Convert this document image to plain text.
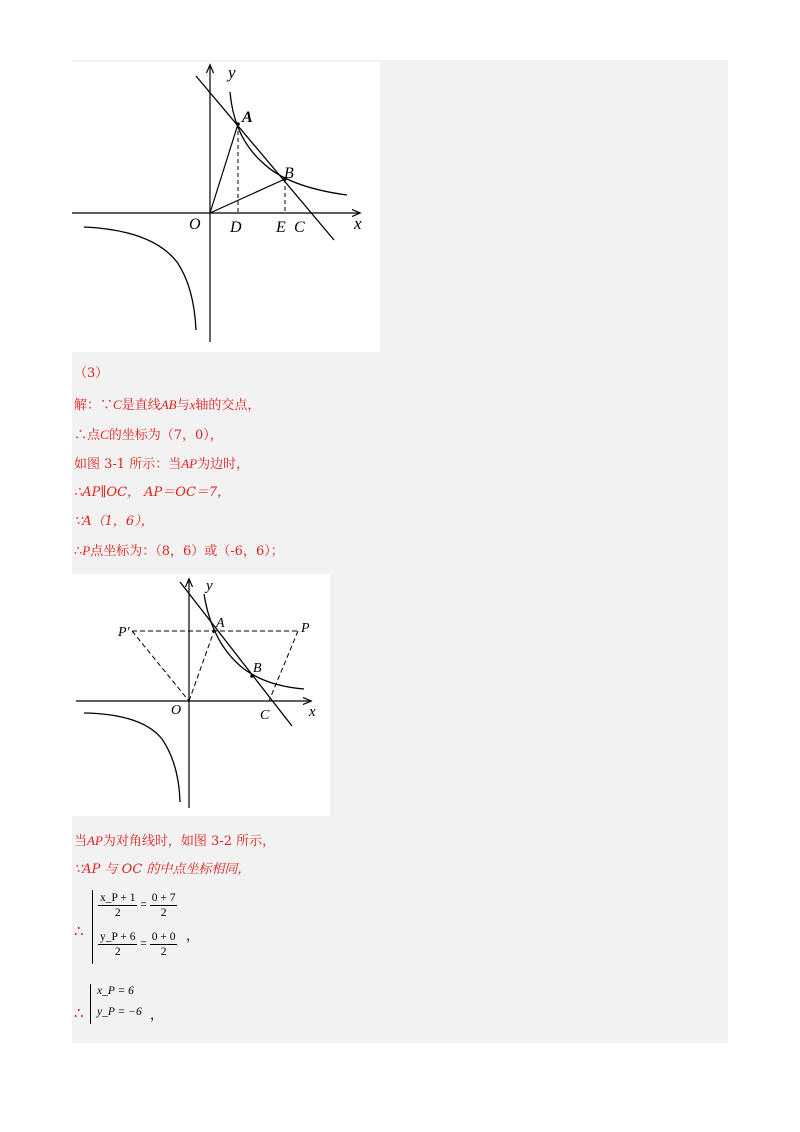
y
x
O
A
B
D E C
（3）
解：∵C是直线AB与x轴的交点，
∴点C的坐标为（7，0），
如图 3-1 所示：当AP为边时，
∴AP∥OC， AP＝OC＝7，
∵A（1，6），
∴P点坐标为：（8，6）或（-6，6）；
y
x
O
A
B
C
P
P′
当AP为对角线时，如图 3-2 所示，
∵AP 与 OC 的中点坐标相同，
∴
$\frac{x\_P + 1}{2} = \frac{0 + 7}{2}$
$\frac{y\_P + 6}{2} = \frac{0 + 0}{2}$ ，
∴
x_P = 6
y_P = −6 ，
